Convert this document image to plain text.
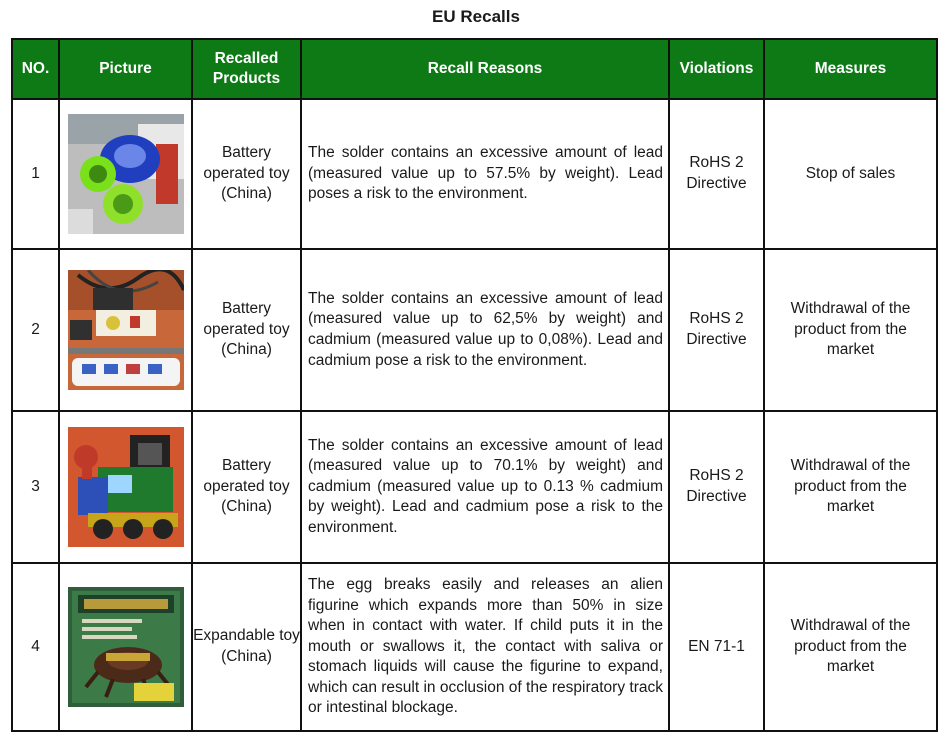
EU Recalls
NO.	Picture	Recalled Products	Recall Reasons	Violations	Measures
1		Battery operated toy (China)	The solder contains an excessive amount of lead (measured value up to 57.5% by weight). Lead poses a risk to the environment.	RoHS 2 Directive	Stop of sales
2		Battery operated toy (China)	The solder contains an excessive amount of lead (measured value up to 62,5% by weight) and cadmium (measured value up to 0,08%). Lead and cadmium pose a risk to the environment.	RoHS 2 Directive	Withdrawal of the product from the market
3		Battery operated toy (China)	The solder contains an excessive amount of lead (measured value up to 70.1% by weight) and cadmium (measured value up to 0.13 % cadmium by weight). Lead and cadmium pose a risk to the environment.	RoHS 2 Directive	Withdrawal of the product from the market
4		Expandable toy (China)	The egg breaks easily and releases an alien figurine which expands more than 50% in size when in contact with water. If child puts it in the mouth or swallows it, the contact with saliva or stomach liquids will cause the figurine to expand, which can result in occlusion of the respiratory track or intestinal blockage.	EN 71-1	Withdrawal of the product from the market
